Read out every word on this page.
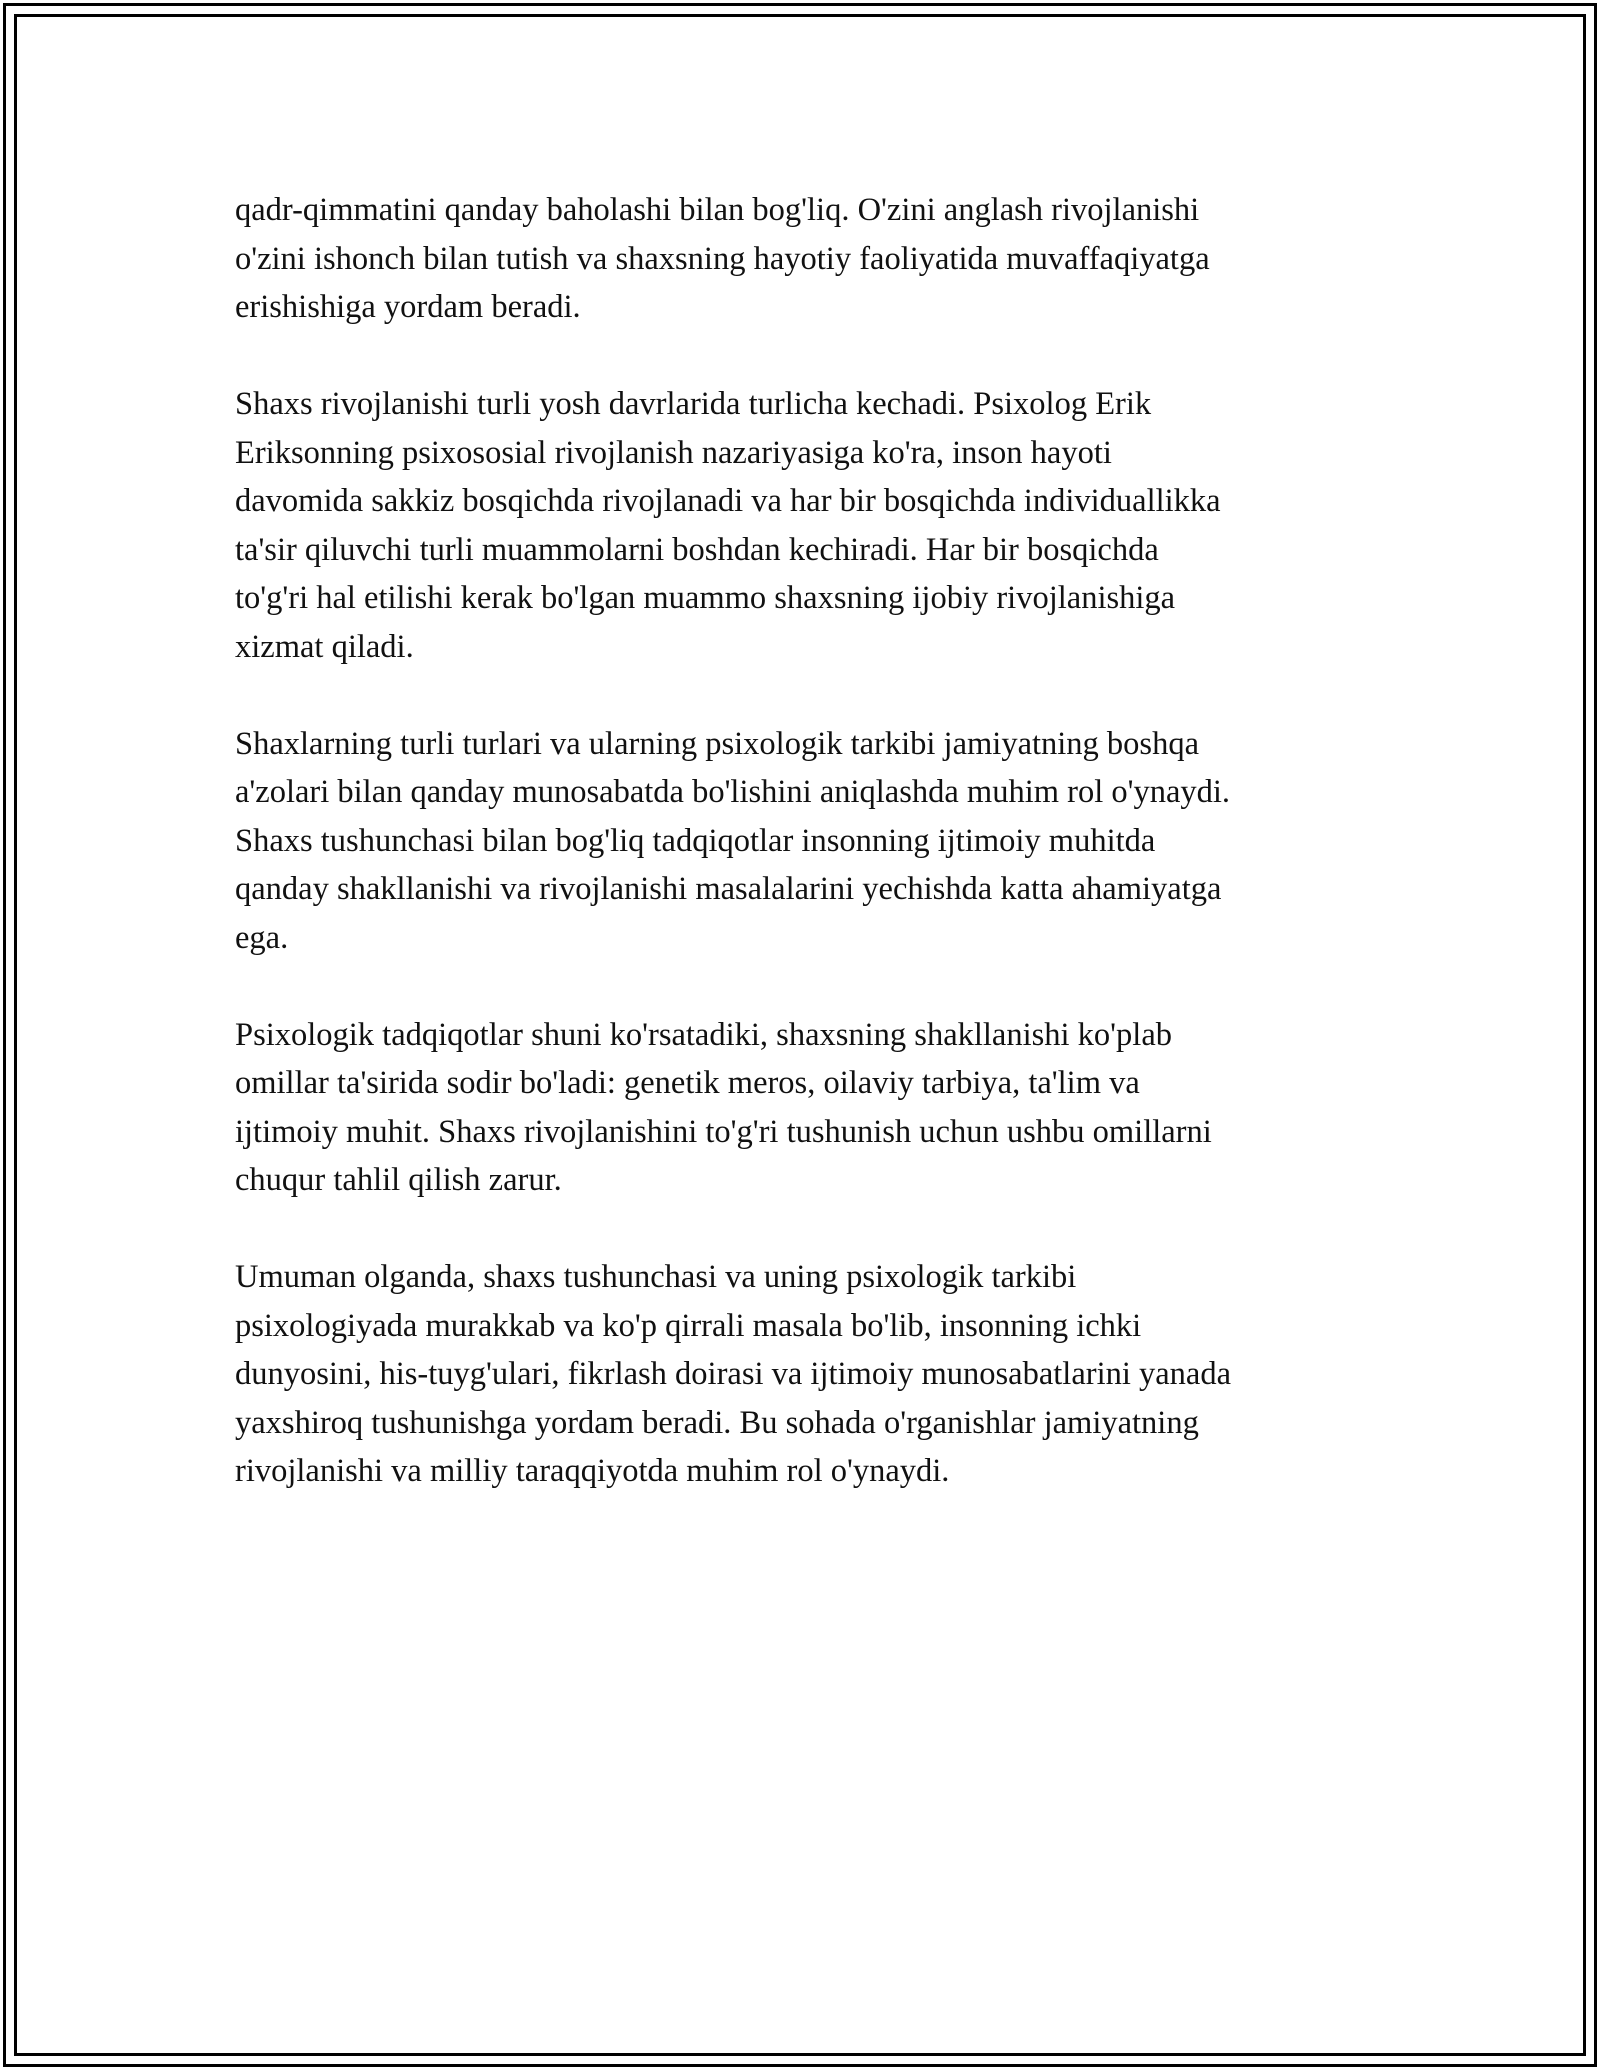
qadr-qimmatini qanday baholashi bilan bog'liq. O'zini anglash rivojlanishi
o'zini ishonch bilan tutish va shaxsning hayotiy faoliyatida muvaffaqiyatga
erishishiga yordam beradi.

Shaxs rivojlanishi turli yosh davrlarida turlicha kechadi. Psixolog Erik
Eriksonning psixososial rivojlanish nazariyasiga ko'ra, inson hayoti
davomida sakkiz bosqichda rivojlanadi va har bir bosqichda individuallikka
ta'sir qiluvchi turli muammolarni boshdan kechiradi. Har bir bosqichda
to'g'ri hal etilishi kerak bo'lgan muammo shaxsning ijobiy rivojlanishiga
xizmat qiladi.

Shaxlarning turli turlari va ularning psixologik tarkibi jamiyatning boshqa
a'zolari bilan qanday munosabatda bo'lishini aniqlashda muhim rol o'ynaydi.
Shaxs tushunchasi bilan bog'liq tadqiqotlar insonning ijtimoiy muhitda
qanday shakllanishi va rivojlanishi masalalarini yechishda katta ahamiyatga
ega.

Psixologik tadqiqotlar shuni ko'rsatadiki, shaxsning shakllanishi ko'plab
omillar ta'sirida sodir bo'ladi: genetik meros, oilaviy tarbiya, ta'lim va
ijtimoiy muhit. Shaxs rivojlanishini to'g'ri tushunish uchun ushbu omillarni
chuqur tahlil qilish zarur.

Umuman olganda, shaxs tushunchasi va uning psixologik tarkibi
psixologiyada murakkab va ko'p qirrali masala bo'lib, insonning ichki
dunyosini, his-tuyg'ulari, fikrlash doirasi va ijtimoiy munosabatlarini yanada
yaxshiroq tushunishga yordam beradi. Bu sohada o'rganishlar jamiyatning
rivojlanishi va milliy taraqqiyotda muhim rol o'ynaydi.
